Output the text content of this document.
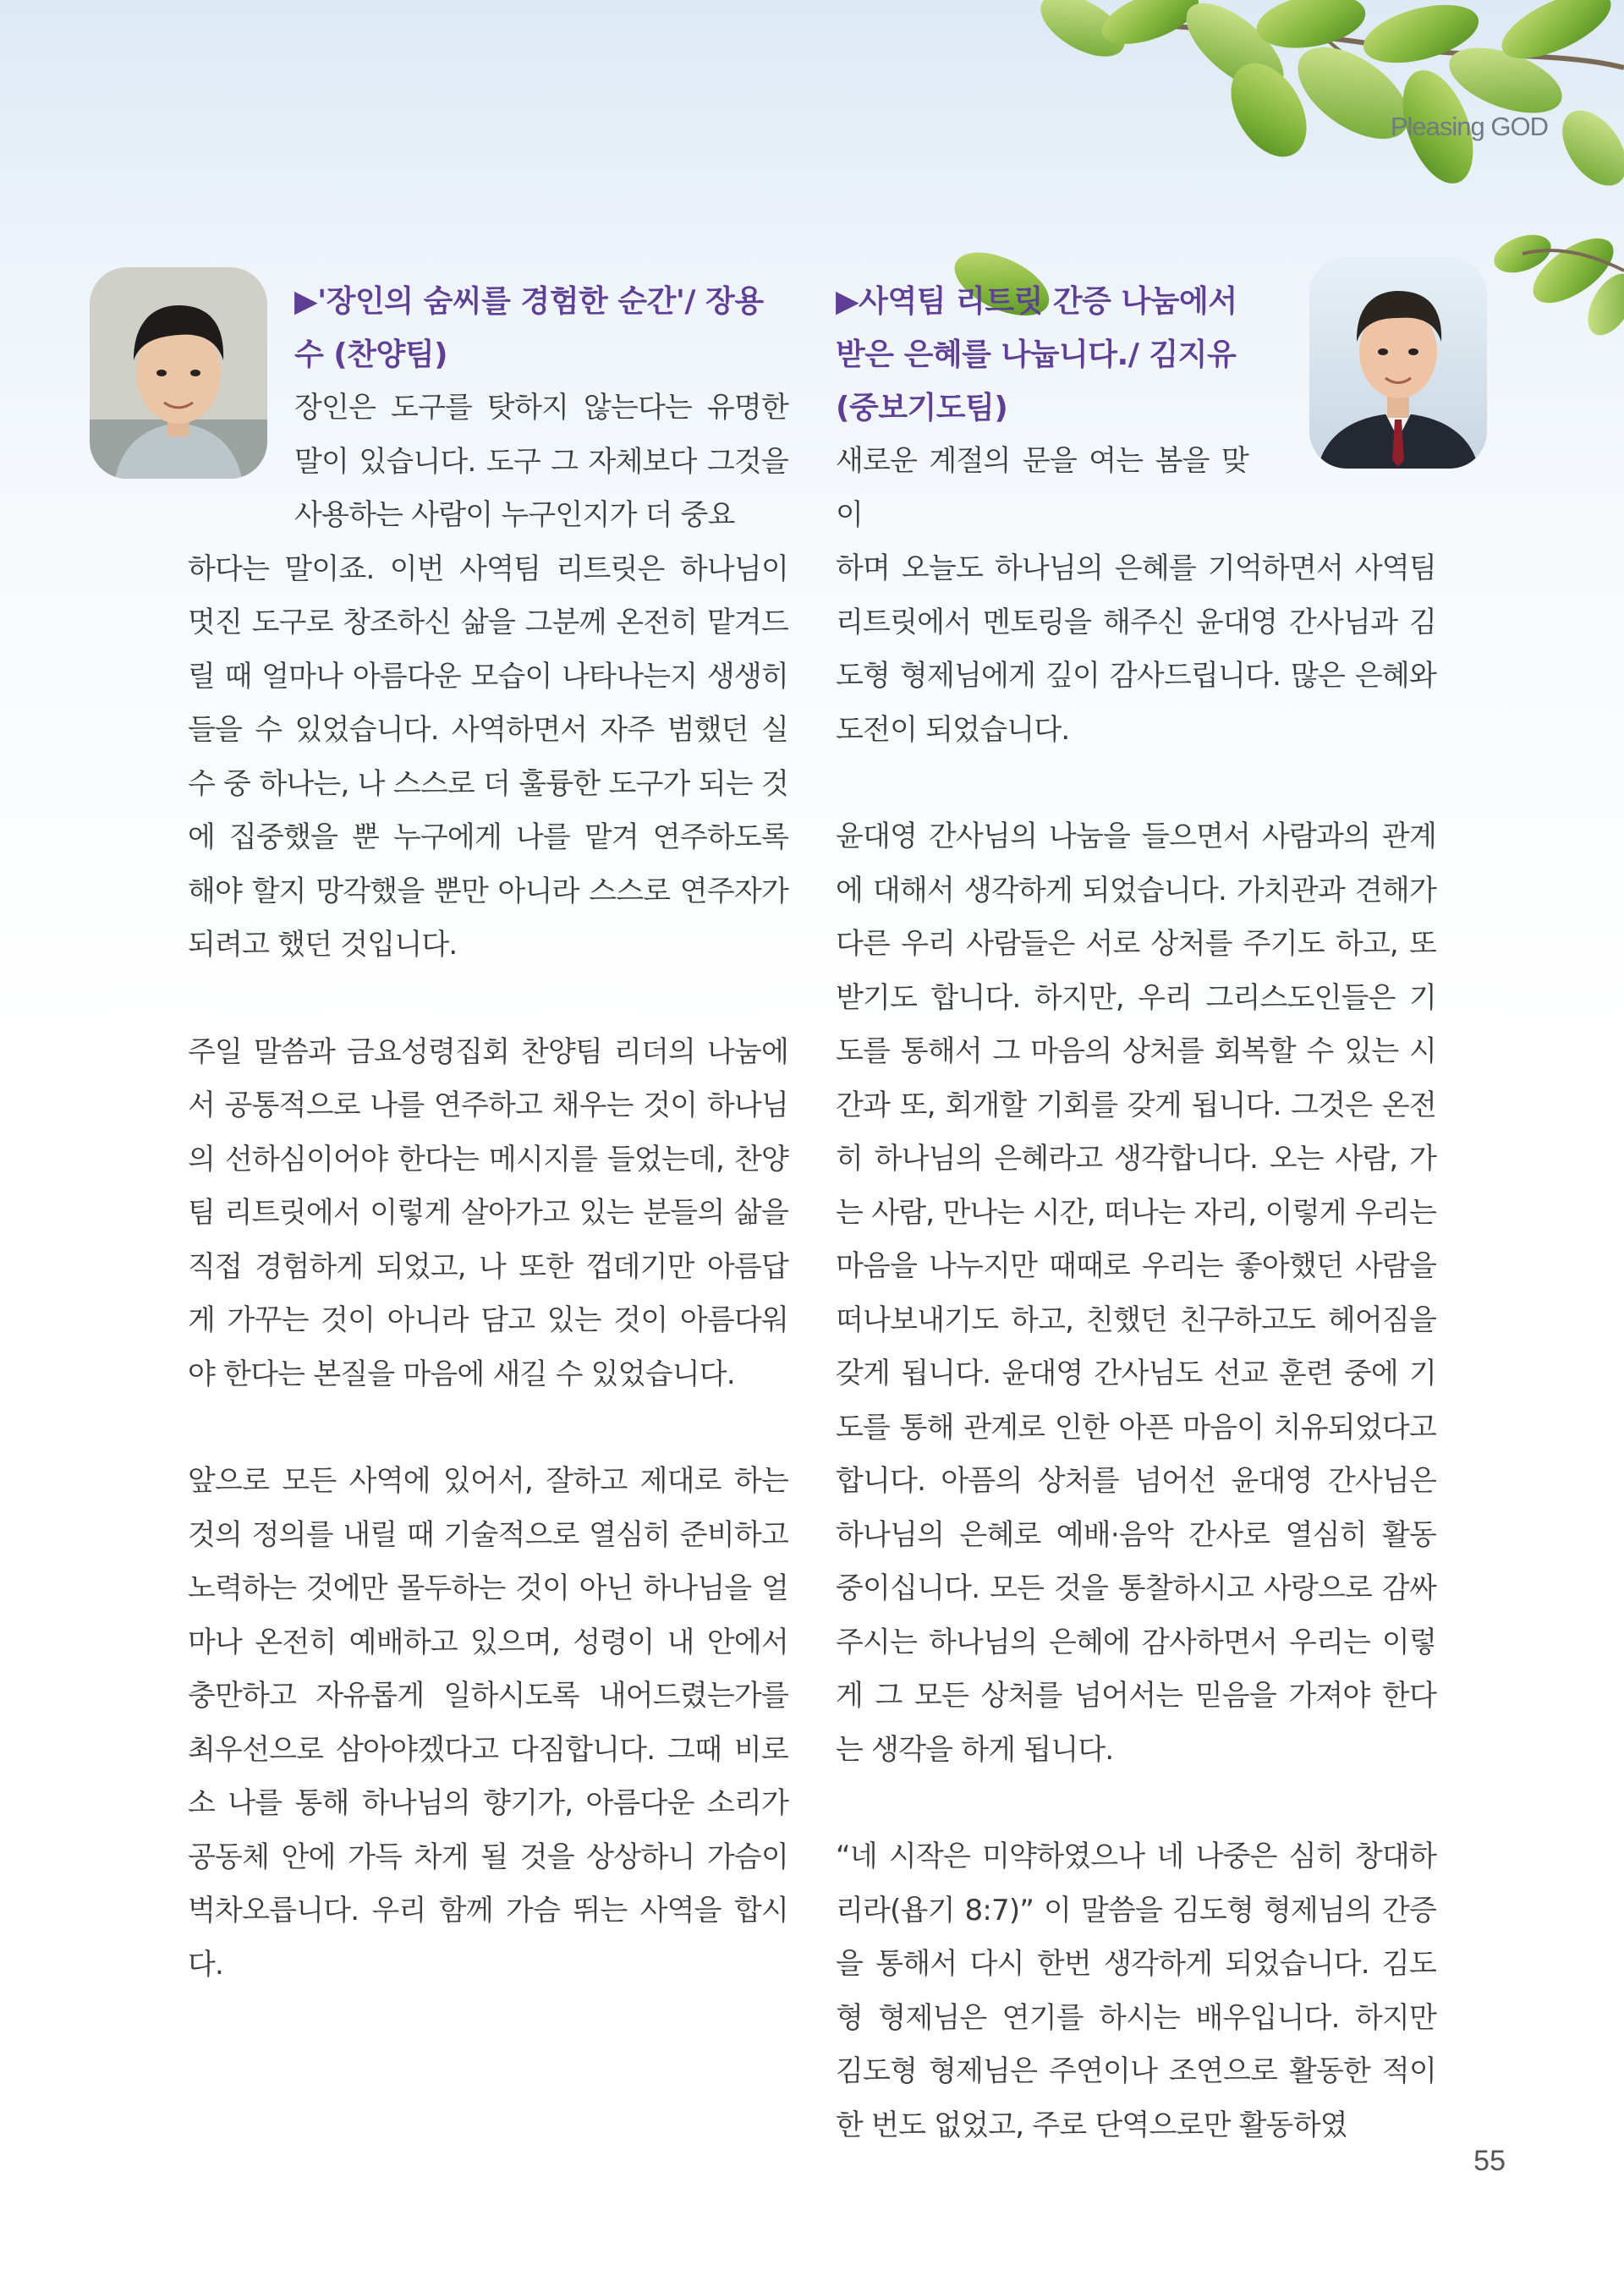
Pleasing GOD
▶'장인의 숨씨를 경험한 순간'/ 장용수 (찬양팀)

장인은 도구를 탓하지 않는다는 유명한 말이 있습니다. 도구 그 자체보다 그것을 사용하는 사람이 누구인지가 더 중요

하다는 말이죠. 이번 사역팀 리트릿은 하나님이 멋진 도구로 창조하신 삶을 그분께 온전히 맡겨드릴 때 얼마나 아름다운 모습이 나타나는지 생생히 들을 수 있었습니다. 사역하면서 자주 범했던 실수 중 하나는, 나 스스로 더 훌륭한 도구가 되는 것에 집중했을 뿐 누구에게 나를 맡겨 연주하도록 해야 할지 망각했을 뿐만 아니라 스스로 연주자가 되려고 했던 것입니다.

주일 말씀과 금요성령집회 찬양팀 리더의 나눔에서 공통적으로 나를 연주하고 채우는 것이 하나님의 선하심이어야 한다는 메시지를 들었는데, 찬양팀 리트릿에서 이렇게 살아가고 있는 분들의 삶을 직접 경험하게 되었고, 나 또한 껍데기만 아름답게 가꾸는 것이 아니라 담고 있는 것이 아름다워야 한다는 본질을 마음에 새길 수 있었습니다.

앞으로 모든 사역에 있어서, 잘하고 제대로 하는 것의 정의를 내릴 때 기술적으로 열심히 준비하고 노력하는 것에만 몰두하는 것이 아닌 하나님을 얼마나 온전히 예배하고 있으며, 성령이 내 안에서 충만하고 자유롭게 일하시도록 내어드렸는가를 최우선으로 삼아야겠다고 다짐합니다. 그때 비로소 나를 통해 하나님의 향기가, 아름다운 소리가 공동체 안에 가득 차게 될 것을 상상하니 가슴이 벅차오릅니다. 우리 함께 가슴 뛰는 사역을 합시다.

▶사역팀 리트릿 간증 나눔에서 받은 은혜를 나눕니다./ 김지유(중보기도팀)

새로운 계절의 문을 여는 봄을 맞이

하며 오늘도 하나님의 은혜를 기억하면서 사역팀 리트릿에서 멘토링을 해주신 윤대영 간사님과 김도형 형제님에게 깊이 감사드립니다. 많은 은혜와 도전이 되었습니다.

윤대영 간사님의 나눔을 들으면서 사람과의 관계에 대해서 생각하게 되었습니다. 가치관과 견해가 다른 우리 사람들은 서로 상처를 주기도 하고, 또 받기도 합니다. 하지만, 우리 그리스도인들은 기도를 통해서 그 마음의 상처를 회복할 수 있는 시간과 또, 회개할 기회를 갖게 됩니다. 그것은 온전히 하나님의 은혜라고 생각합니다. 오는 사람, 가는 사람, 만나는 시간, 떠나는 자리, 이렇게 우리는 마음을 나누지만 때때로 우리는 좋아했던 사람을 떠나보내기도 하고, 친했던 친구하고도 헤어짐을 갖게 됩니다. 윤대영 간사님도 선교 훈련 중에 기도를 통해 관계로 인한 아픈 마음이 치유되었다고 합니다. 아픔의 상처를 넘어선 윤대영 간사님은 하나님의 은혜로 예배·음악 간사로 열심히 활동 중이십니다. 모든 것을 통찰하시고 사랑으로 감싸주시는 하나님의 은혜에 감사하면서 우리는 이렇게 그 모든 상처를 넘어서는 믿음을 가져야 한다는 생각을 하게 됩니다.

“네 시작은 미약하였으나 네 나중은 심히 창대하리라(욥기 8:7)” 이 말씀을 김도형 형제님의 간증을 통해서 다시 한번 생각하게 되었습니다. 김도형 형제님은 연기를 하시는 배우입니다. 하지만 김도형 형제님은 주연이나 조연으로 활동한 적이 한 번도 없었고, 주로 단역으로만 활동하였

55
